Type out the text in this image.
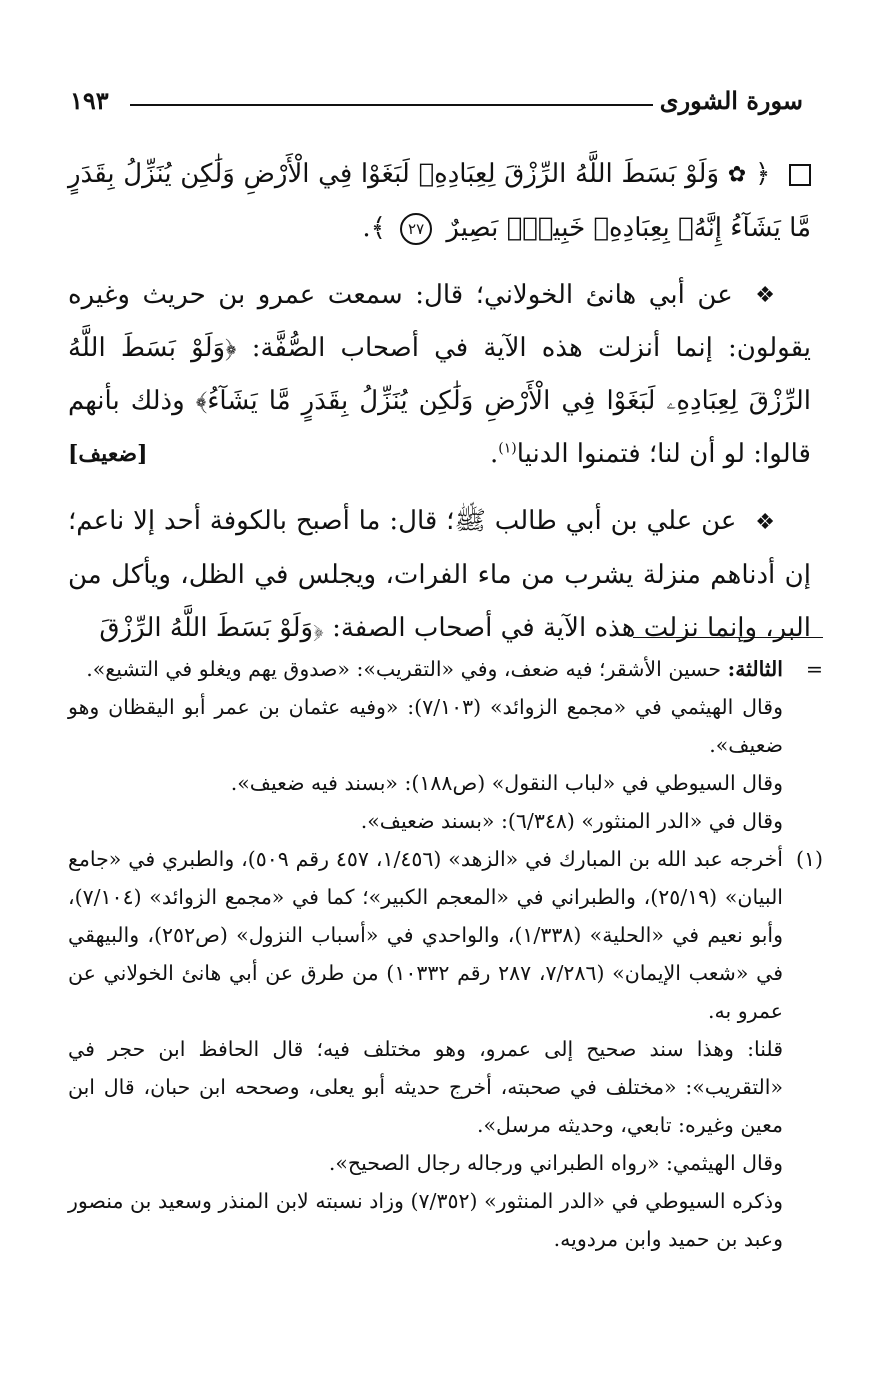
سورة الشورى
١٩٣
﴿ ✿ وَلَوْ بَسَطَ اللَّهُ الرِّزْقَ لِعِبَادِهِۦ لَبَغَوْا فِي الْأَرْضِ وَلَٰكِن يُنَزِّلُ بِقَدَرٍ مَّا يَشَآءُ إِنَّهُۥ بِعِبَادِهِۦ خَبِيرٌۢ بَصِيرٌ ٢٧ ﴾.
❖ عن أبي هانئ الخولاني؛ قال: سمعت عمرو بن حريث وغيره يقولون: إنما أنزلت هذه الآية في أصحاب الصُّفَّة: ﴿وَلَوْ بَسَطَ اللَّهُ الرِّزْقَ لِعِبَادِهِۦ لَبَغَوْا فِي الْأَرْضِ وَلَٰكِن يُنَزِّلُ بِقَدَرٍ مَّا يَشَآءُ﴾ وذلك بأنهم قالوا: لو أن لنا؛ فتمنوا الدنيا$^{(١)}$.
[ضعيف]
❖ عن علي بن أبي طالب ﷺ؛ قال: ما أصبح بالكوفة أحد إلا ناعم؛ إن أدناهم منزلة يشرب من ماء الفرات، ويجلس في الظل، ويأكل من البر، وإنما نزلت هذه الآية في أصحاب الصفة: ﴿وَلَوْ بَسَطَ اللَّهُ الرِّزْقَ
=
الثالثة: حسين الأشقر؛ فيه ضعف، وفي «التقريب»: «صدوق يهم ويغلو في التشيع».
وقال الهيثمي في «مجمع الزوائد» (٧/١٠٣): «وفيه عثمان بن عمر أبو اليقظان وهو ضعيف».
وقال السيوطي في «لباب النقول» (ص١٨٨): «بسند فيه ضعيف».
وقال في «الدر المنثور» (٦/٣٤٨): «بسند ضعيف».
(١)
أخرجه عبد الله بن المبارك في «الزهد» (١/٤٥٦، ٤٥٧ رقم ٥٠٩)، والطبري في «جامع البيان» (٢٥/١٩)، والطبراني في «المعجم الكبير»؛ كما في «مجمع الزوائد» (٧/١٠٤)، وأبو نعيم في «الحلية» (١/٣٣٨)، والواحدي في «أسباب النزول» (ص٢٥٢)، والبيهقي في «شعب الإيمان» (٧/٢٨٦، ٢٨٧ رقم ١٠٣٣٢) من طرق عن أبي هانئ الخولاني عن عمرو به.
قلنا: وهذا سند صحيح إلى عمرو، وهو مختلف فيه؛ قال الحافظ ابن حجر في «التقريب»: «مختلف في صحبته، أخرج حديثه أبو يعلى، وصححه ابن حبان، قال ابن معين وغيره: تابعي، وحديثه مرسل».
وقال الهيثمي: «رواه الطبراني ورجاله رجال الصحيح».
وذكره السيوطي في «الدر المنثور» (٧/٣٥٢) وزاد نسبته لابن المنذر وسعيد بن منصور وعبد بن حميد وابن مردويه.
